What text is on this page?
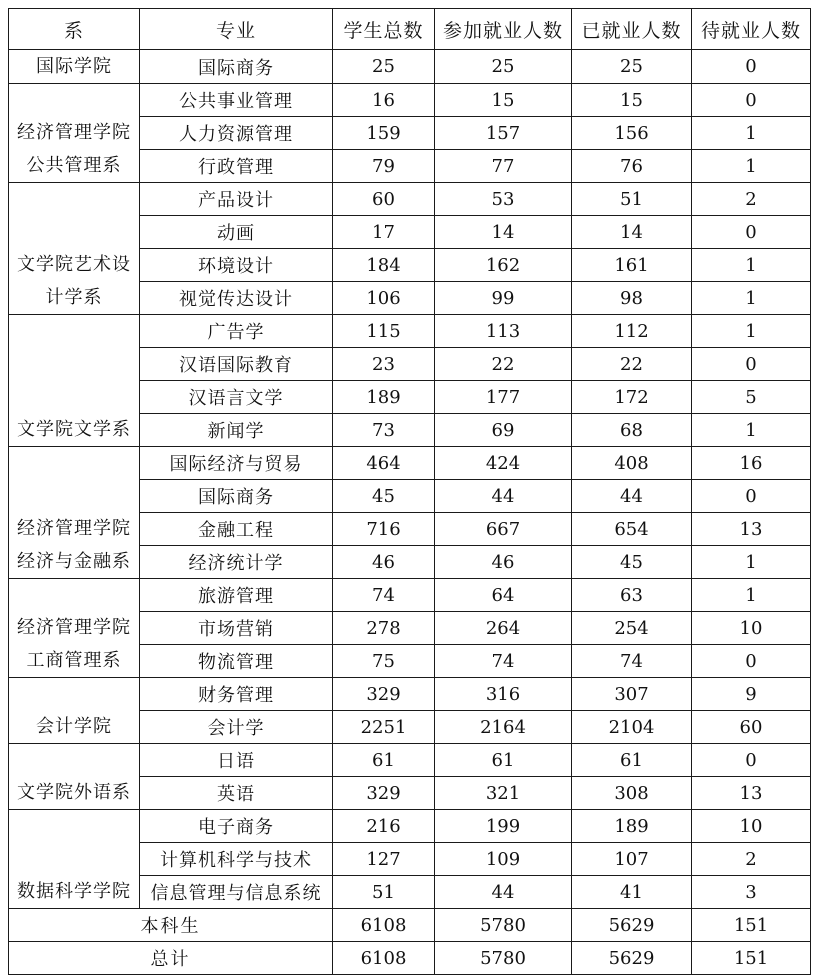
系	专业	学生总数	参加就业人数	已就业人数	待就业人数
国际学院	国际商务	25	25	25	0
经济管理学院公共管理系	公共事业管理	16	15	15	0
	人力资源管理	159	157	156	1
	行政管理	79	77	76	1
文学院艺术设计学系	产品设计	60	53	51	2
	动画	17	14	14	0
	环境设计	184	162	161	1
	视觉传达设计	106	99	98	1
文学院文学系	广告学	115	113	112	1
	汉语国际教育	23	22	22	0
	汉语言文学	189	177	172	5
	新闻学	73	69	68	1
经济管理学院经济与金融系	国际经济与贸易	464	424	408	16
	国际商务	45	44	44	0
	金融工程	716	667	654	13
	经济统计学	46	46	45	1
经济管理学院工商管理系	旅游管理	74	64	63	1
	市场营销	278	264	254	10
	物流管理	75	74	74	0
会计学院	财务管理	329	316	307	9
	会计学	2251	2164	2104	60
文学院外语系	日语	61	61	61	0
	英语	329	321	308	13
数据科学学院	电子商务	216	199	189	10
	计算机科学与技术	127	109	107	2
	信息管理与信息系统	51	44	41	3
本科生		6108	5780	5629	151
总计		6108	5780	5629	151
